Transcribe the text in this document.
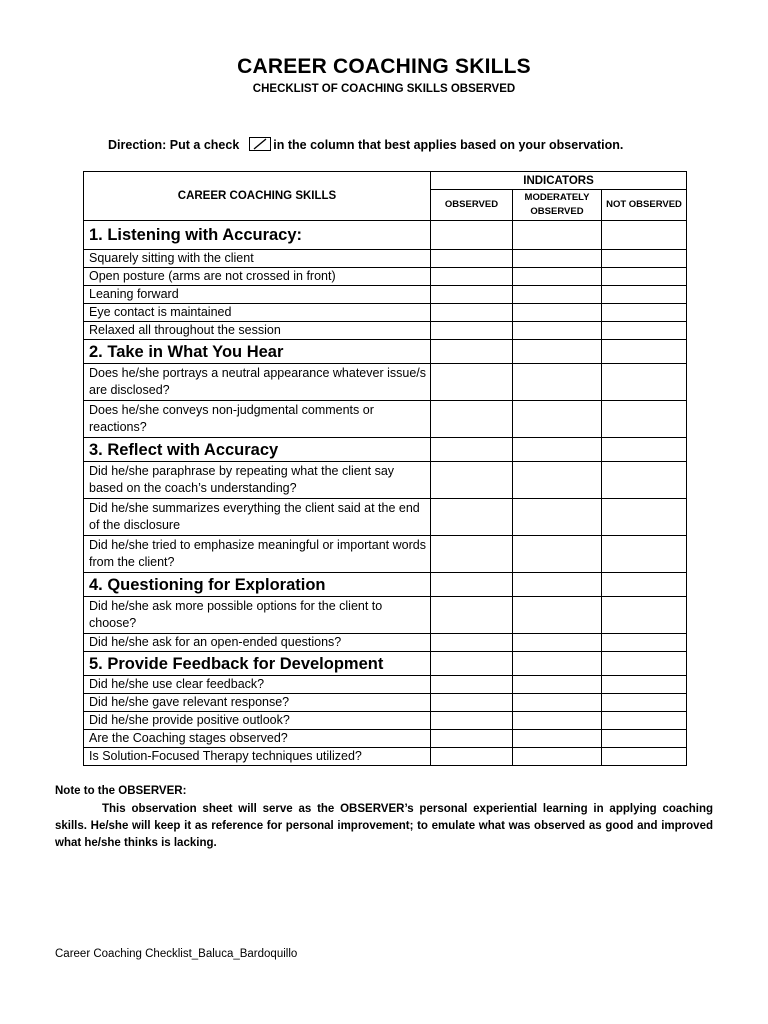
CAREER COACHING SKILLS
CHECKLIST OF COACHING SKILLS OBSERVED
Direction: Put a check	in the column that best applies based on your observation.
CAREER COACHING SKILLS	INDICATORS		
	OBSERVED	MODERATELY OBSERVED	NOT OBSERVED
1. Listening with Accuracy:			
Squarely sitting with the client			
Open posture (arms are not crossed in front)			
Leaning forward			
Eye contact is maintained			
Relaxed all throughout the session			
2. Take in What You Hear			
Does he/she portrays a neutral appearance whatever issue/s are disclosed?			
Does he/she conveys non-judgmental comments or reactions?			
3. Reflect with Accuracy			
Did he/she paraphrase by repeating what the client say based on the coach’s understanding?			
Did he/she summarizes everything the client said at the end of the disclosure			
Did he/she tried to emphasize meaningful or important words from the client?			
4. Questioning for Exploration			
Did he/she ask more possible options for the client to choose?			
Did he/she ask for an open-ended questions?			
5. Provide Feedback for Development			
Did he/she use clear feedback?			
Did he/she gave relevant response?			
Did he/she provide positive outlook?			
Are the Coaching stages observed?			
Is Solution-Focused Therapy techniques utilized?			
Note to the OBSERVER:
This observation sheet will serve as the OBSERVER’s personal experiential learning in applying coaching skills. He/she will keep it as reference for personal improvement; to emulate what was observed as good and improved what he/she thinks is lacking.
Career Coaching Checklist_Baluca_Bardoquillo
